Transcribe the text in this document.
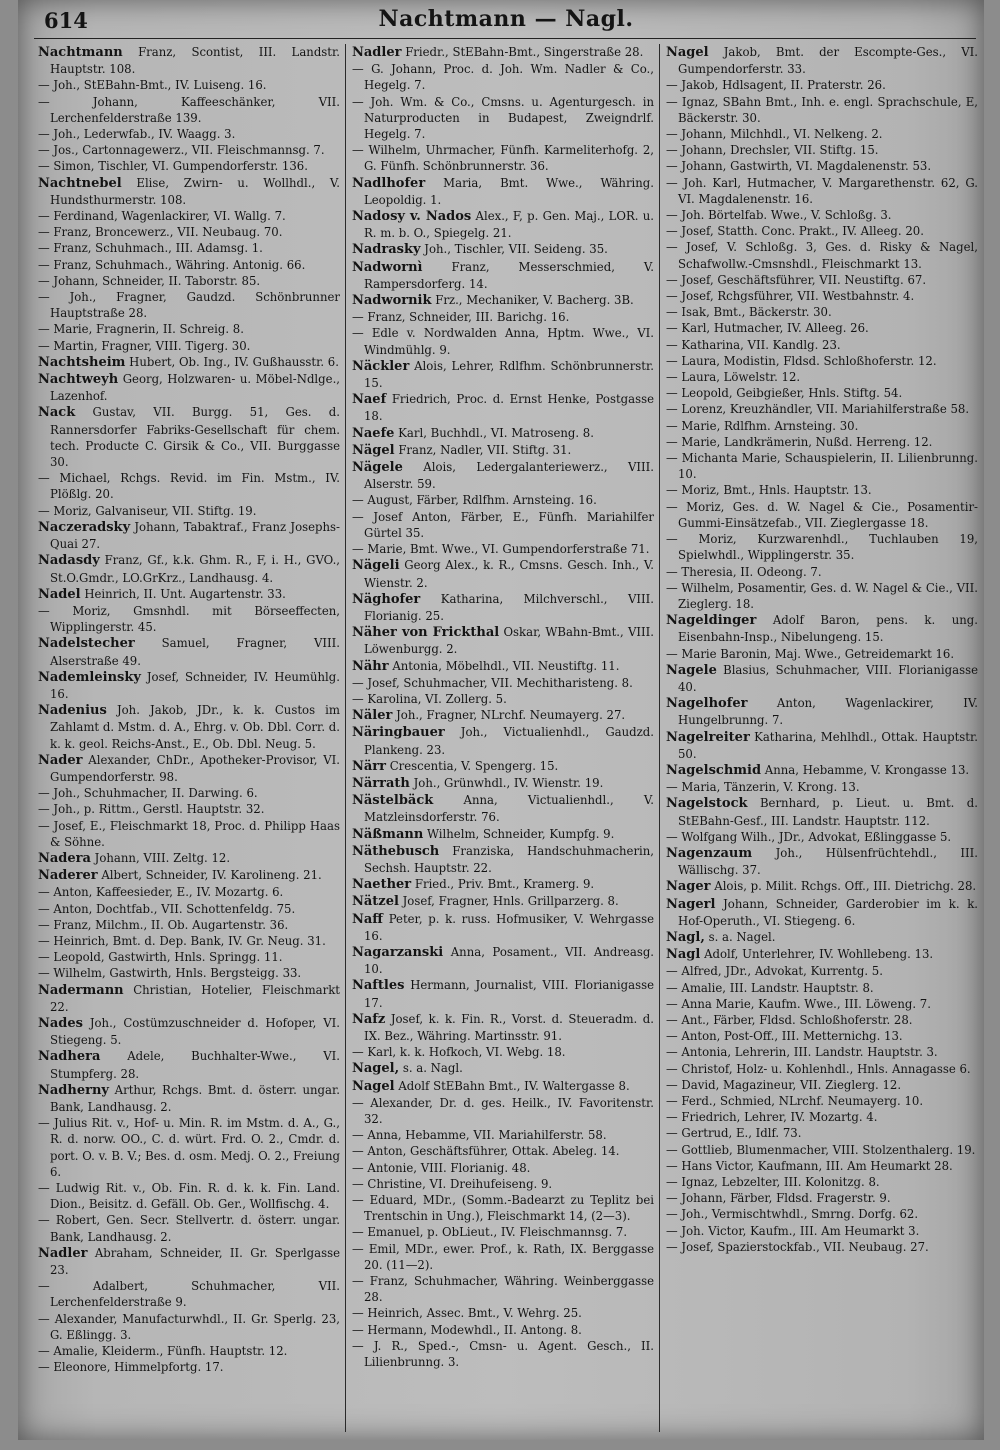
614	Nachtmann — Nagl.
Nachtmann Franz, Scontist, III. Landstr. Hauptstr. 108.
— Joh., StEBahn-Bmt., IV. Luiseng. 16.
— Johann, Kaffeeschänker, VII. Lerchenfelderstraße 139.
— Joh., Lederwfab., IV. Waagg. 3.
— Jos., Cartonnagewerz., VII. Fleischmannsg. 7.
— Simon, Tischler, VI. Gumpendorferstr. 136.
Nachtnebel Elise, Zwirn- u. Wollhdl., V. Hundsthurmerstr. 108.
— Ferdinand, Wagenlackirer, VI. Wallg. 7.
— Franz, Broncewerz., VII. Neubaug. 70.
— Franz, Schuhmach., III. Adamsg. 1.
— Franz, Schuhmach., Währing. Antonig. 66.
— Johann, Schneider, II. Taborstr. 85.
— Joh., Fragner, Gaudzd. Schönbrunner Hauptstraße 28.
— Marie, Fragnerin, II. Schreig. 8.
— Martin, Fragner, VIII. Tigerg. 30.
Nachtsheim Hubert, Ob. Ing., IV. Gußhausstr. 6.
Nachtweyh Georg, Holzwaren- u. Möbel-Ndlge., Lazenhof.
Nack Gustav, VII. Burgg. 51, Ges. d. Rannersdorfer Fabriks-Gesellschaft für chem. tech. Producte C. Girsik & Co., VII. Burggasse 30.
— Michael, Rchgs. Revid. im Fin. Mstm., IV. Plößlg. 20.
— Moriz, Galvaniseur, VII. Stiftg. 19.
Naczeradsky Johann, Tabaktraf., Franz Josephs-Quai 27.
Nadasdy Franz, Gf., k.k. Ghm. R., F, i. H., GVO., St.O.Gmdr., LO.GrKrz., Landhausg. 4.
Nadel Heinrich, II. Unt. Augartenstr. 33.
— Moriz, Gmsnhdl. mit Börseeffecten, Wipplingerstr. 45.
Nadelstecher Samuel, Fragner, VIII. Alserstraße 49.
Nademleinsky Josef, Schneider, IV. Heumühlg. 16.
Nadenius Joh. Jakob, JDr., k. k. Custos im Zahlamt d. Mstm. d. A., Ehrg. v. Ob. Dbl. Corr. d. k. k. geol. Reichs-Anst., E., Ob. Dbl. Neug. 5.
Nader Alexander, ChDr., Apotheker-Provisor, VI. Gumpendorferstr. 98.
— Joh., Schuhmacher, II. Darwing. 6.
— Joh., p. Rittm., Gerstl. Hauptstr. 32.
— Josef, E., Fleischmarkt 18, Proc. d. Philipp Haas & Söhne.
Nadera Johann, VIII. Zeltg. 12.
Naderer Albert, Schneider, IV. Karolineng. 21.
— Anton, Kaffeesieder, E., IV. Mozartg. 6.
— Anton, Dochtfab., VII. Schottenfeldg. 75.
— Franz, Milchm., II. Ob. Augartenstr. 36.
— Heinrich, Bmt. d. Dep. Bank, IV. Gr. Neug. 31.
— Leopold, Gastwirth, Hnls. Springg. 11.
— Wilhelm, Gastwirth, Hnls. Bergsteigg. 33.
Nadermann Christian, Hotelier, Fleischmarkt 22.
Nades Joh., Costümzuschneider d. Hofoper, VI. Stiegeng. 5.
Nadhera Adele, Buchhalter-Wwe., VI. Stumpferg. 28.
Nadherny Arthur, Rchgs. Bmt. d. österr. ungar. Bank, Landhausg. 2.
— Julius Rit. v., Hof- u. Min. R. im Mstm. d. A., G., R. d. norw. OO., C. d. würt. Frd. O. 2., Cmdr. d. port. O. v. B. V.; Bes. d. osm. Medj. O. 2., Freiung 6.
— Ludwig Rit. v., Ob. Fin. R. d. k. k. Fin. Land. Dion., Beisitz. d. Gefäll. Ob. Ger., Wollfischg. 4.
— Robert, Gen. Secr. Stellvertr. d. österr. ungar. Bank, Landhausg. 2.
Nadler Abraham, Schneider, II. Gr. Sperlgasse 23.
— Adalbert, Schuhmacher, VII. Lerchenfelderstraße 9.
— Alexander, Manufacturwhdl., II. Gr. Sperlg. 23, G. Eßlingg. 3.
— Amalie, Kleiderm., Fünfh. Hauptstr. 12.
— Eleonore, Himmelpfortg. 17.
Nadler Friedr., StEBahn-Bmt., Singerstraße 28.
— G. Johann, Proc. d. Joh. Wm. Nadler & Co., Hegelg. 7.
— Joh. Wm. & Co., Cmsns. u. Agenturgesch. in Naturproducten in Budapest, Zweigndrlf. Hegelg. 7.
— Wilhelm, Uhrmacher, Fünfh. Karmeliterhofg. 2, G. Fünfh. Schönbrunnerstr. 36.
Nadlhofer Maria, Bmt. Wwe., Währing. Leopoldig. 1.
Nadosy v. Nados Alex., F, p. Gen. Maj., LOR. u. R. m. b. O., Spiegelg. 21.
Nadrasky Joh., Tischler, VII. Seideng. 35.
Nadwornì Franz, Messerschmied, V. Rampersdorferg. 14.
Nadwornik Frz., Mechaniker, V. Bacherg. 3B.
— Franz, Schneider, III. Barichg. 16.
— Edle v. Nordwalden Anna, Hptm. Wwe., VI. Windmühlg. 9.
Näckler Alois, Lehrer, Rdlfhm. Schönbrunnerstr. 15.
Naef Friedrich, Proc. d. Ernst Henke, Postgasse 18.
Naefe Karl, Buchhdl., VI. Matroseng. 8.
Nägel Franz, Nadler, VII. Stiftg. 31.
Nägele Alois, Ledergalanteriewerz., VIII. Alserstr. 59.
— August, Färber, Rdlfhm. Arnsteing. 16.
— Josef Anton, Färber, E., Fünfh. Mariahilfer Gürtel 35.
— Marie, Bmt. Wwe., VI. Gumpendorferstraße 71.
Nägeli Georg Alex., k. R., Cmsns. Gesch. Inh., V. Wienstr. 2.
Näghofer Katharina, Milchverschl., VIII. Florianig. 25.
Näher von Frickthal Oskar, WBahn-Bmt., VIII. Löwenburgg. 2.
Nähr Antonia, Möbelhdl., VII. Neustiftg. 11.
— Josef, Schuhmacher, VII. Mechitharisteng. 8.
— Karolina, VI. Zollerg. 5.
Näler Joh., Fragner, NLrchf. Neumayerg. 27.
Näringbauer Joh., Victualienhdl., Gaudzd. Plankeng. 23.
Närr Crescentia, V. Spengerg. 15.
Närrath Joh., Grünwhdl., IV. Wienstr. 19.
Nästelbäck	Anna, Victualienhdl., V. Matzleinsdorferstr. 76.
Näßmann Wilhelm, Schneider, Kumpfg. 9.
Näthebusch Franziska, Handschuhmacherin, Sechsh. Hauptstr. 22.
Naether Fried., Priv. Bmt., Kramerg. 9.
Nätzel Josef, Fragner, Hnls. Grillparzerg. 8.
Naff Peter, p. k. russ. Hofmusiker, V. Wehrgasse 16.
Nagarzanski Anna, Posament., VII. Andreasg. 10.
Naftles Hermann, Journalist, VIII. Florianigasse 17.
Nafz Josef, k. k. Fin. R., Vorst. d. Steueradm. d. IX. Bez., Währing. Martinsstr. 91.
— Karl, k. k. Hofkoch, VI. Webg. 18.
Nagel, s. a. Nagl.
Nagel Adolf StEBahn Bmt., IV. Waltergasse 8.
— Alexander, Dr. d. ges. Heilk., IV. Favoritenstr. 32.
— Anna, Hebamme, VII. Mariahilferstr. 58.
— Anton, Geschäftsführer, Ottak. Abeleg. 14.
— Antonie, VIII. Florianig. 48.
— Christine, VI. Dreihufeiseng. 9.
— Eduard, MDr., (Somm.-Badearzt zu Teplitz bei Trentschin in Ung.), Fleischmarkt 14, (2—3).
— Emanuel, p. ObLieut., IV. Fleischmannsg. 7.
— Emil, MDr., ewer. Prof., k. Rath, IX. Berggasse 20. (11—2).
— Franz, Schuhmacher, Währing. Weinberggasse 28.
— Heinrich, Assec. Bmt., V. Wehrg. 25.
— Hermann, Modewhdl., II. Antong. 8.
— J. R., Sped.-, Cmsn- u. Agent. Gesch., II. Lilienbrunng. 3.
Nagel Jakob, Bmt. der Escompte-Ges., VI. Gumpendorferstr. 33.
— Jakob, Hdlsagent, II. Praterstr. 26.
— Ignaz, SBahn Bmt., Inh. e. engl. Sprachschule, E, Bäckerstr. 30.
— Johann, Milchhdl., VI. Nelkeng. 2.
— Johann, Drechsler, VII. Stiftg. 15.
— Johann, Gastwirth, VI. Magdalenenstr. 53.
— Joh. Karl, Hutmacher, V. Margarethenstr. 62, G. VI. Magdalenenstr. 16.
— Joh. Börtelfab. Wwe., V. Schloßg. 3.
— Josef, Statth. Conc. Prakt., IV. Alleeg. 20.
— Josef, V. Schloßg. 3, Ges. d. Risky & Nagel, Schafwollw.-Cmsnshdl., Fleischmarkt 13.
— Josef, Geschäftsführer, VII. Neustiftg. 67.
— Josef, Rchgsführer, VII. Westbahnstr. 4.
— Isak, Bmt., Bäckerstr. 30.
— Karl, Hutmacher, IV. Alleeg. 26.
— Katharina, VII. Kandlg. 23.
— Laura, Modistin, Fldsd. Schloßhoferstr. 12.
— Laura, Löwelstr. 12.
— Leopold, Geibgießer, Hnls. Stiftg. 54.
— Lorenz, Kreuzhändler, VII. Mariahilferstraße 58.
— Marie, Rdlfhm. Arnsteing. 30.
— Marie, Landkrämerin, Nußd. Herreng. 12.
— Michanta Marie, Schauspielerin, II. Lilienbrunng. 10.
— Moriz, Bmt., Hnls. Hauptstr. 13.
— Moriz, Ges. d. W. Nagel & Cie., Posamentir-Gummi-Einsätzefab., VII. Zieglergasse 18.
— Moriz, Kurzwarenhdl., Tuchlauben 19, Spielwhdl., Wipplingerstr. 35.
— Theresia, II. Odeong. 7.
— Wilhelm, Posamentir, Ges. d. W. Nagel & Cie., VII. Zieglerg. 18.
Nageldinger Adolf Baron, pens. k. ung. Eisenbahn-Insp., Nibelungeng. 15.
— Marie Baronin, Maj. Wwe., Getreidemarkt 16.
Nagele Blasius, Schuhmacher, VIII. Florianigasse 40.
Nagelhofer	Anton, Wagenlackirer, IV. Hungelbrunng. 7.
Nagelreiter Katharina, Mehlhdl., Ottak. Hauptstr. 50.
Nagelschmid Anna, Hebamme, V. Krongasse 13.
— Maria, Tänzerin, V. Krong. 13.
Nagelstock Bernhard, p. Lieut. u. Bmt. d. StEBahn-Gesf., III. Landstr. Hauptstr. 112.
— Wolfgang Wilh., JDr., Advokat, Eßlinggasse 5.
Nagenzaum Joh., Hülsenfrüchtehdl., III. Wällischg. 37.
Nager Alois, p. Milit. Rchgs. Off., III. Dietrichg. 28.
Nagerl Johann, Schneider, Garderobier im k. k. Hof-Operuth., VI. Stiegeng. 6.
Nagl, s. a. Nagel.
Nagl Adolf, Unterlehrer, IV. Wohllebeng. 13.
— Alfred, JDr., Advokat, Kurrentg. 5.
— Amalie, III. Landstr. Hauptstr. 8.
— Anna Marie, Kaufm. Wwe., III. Löweng. 7.
— Ant., Färber, Fldsd. Schloßhoferstr. 28.
— Anton, Post-Off., III. Metternichg. 13.
— Antonia, Lehrerin, III. Landstr. Hauptstr. 3.
— Christof, Holz- u. Kohlenhdl., Hnls. Annagasse 6.
— David, Magazineur, VII. Zieglerg. 12.
— Ferd., Schmied, NLrchf. Neumayerg. 10.
— Friedrich, Lehrer, IV. Mozartg. 4.
— Gertrud, E., Idlf. 73.
— Gottlieb, Blumenmacher, VIII. Stolzenthalerg. 19.
— Hans Victor, Kaufmann, III. Am Heumarkt 28.
— Ignaz, Lebzelter, III. Kolonitzg. 8.
— Johann, Färber, Fldsd. Fragerstr. 9.
— Joh., Vermischtwhdl., Smrng. Dorfg. 62.
— Joh. Victor, Kaufm., III. Am Heumarkt 3.
— Josef, Spazierstockfab., VII. Neubaug. 27.
